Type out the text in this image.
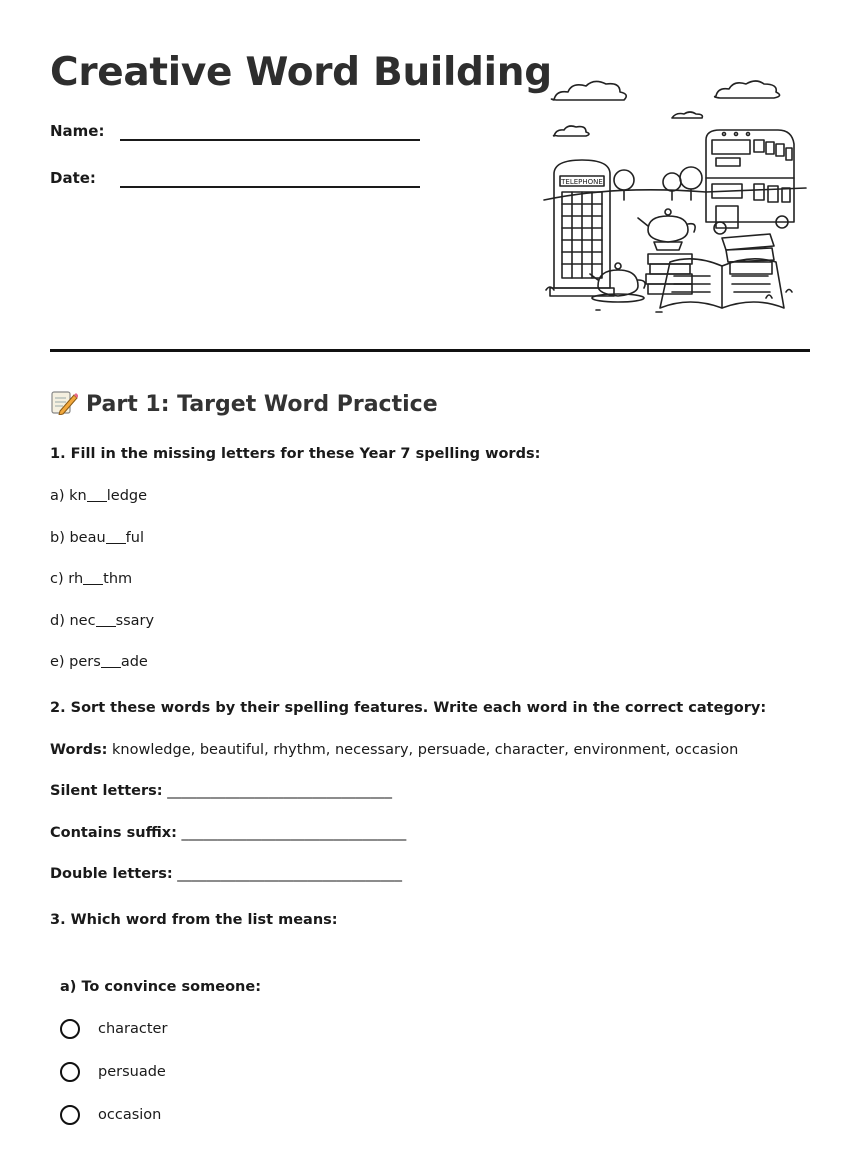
Creative Word Building
Name:
Date:	TELEPHONE
Part 1: Target Word Practice
1. Fill in the missing letters for these Year 7 spelling words:
a) kn ledge
b) beau ful
c) rh thm
d) nec ssary
e) pers ade
2. Sort these words by their spelling features. Write each word in the correct category:
Words: knowledge, beautiful, rhythm, necessary, persuade, character, environment, occasion
Silent letters: _______________________________
Contains suffix: _______________________________
Double letters: _______________________________
3. Which word from the list means:
a) To convince someone:
character
persuade
occasion
